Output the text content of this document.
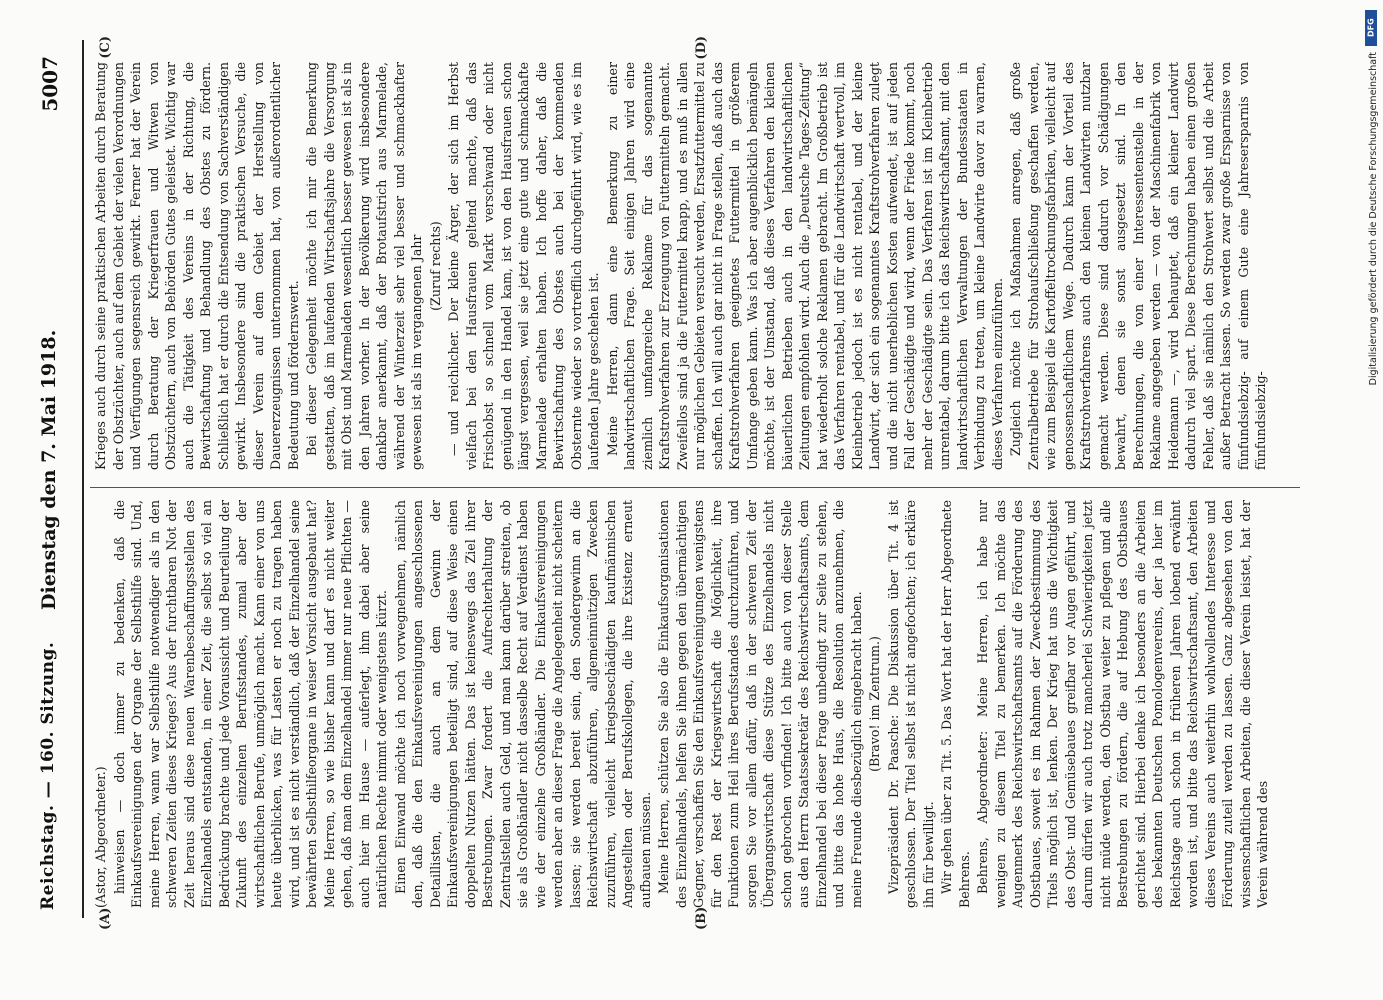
Reichstag. — 160. Sitzung.
Dienstag den 7. Mai 1918.
5007
(A)	(B)
(C)	(D)

(Astor, Abgeordneter.) hinweisen — doch immer zu bedenken, daß die Einkaufsvereinigungen der Organe der Selbsthilfe sind. Und, meine Herren, wann war Selbsthilfe notwendiger als in den schweren Zeiten dieses Krieges? Aus der furchtbaren Not der Zeit heraus sind diese neuen Warenbeschaffungsstellen des Einzelhandels entstanden, in einer Zeit, die selbst so viel an Bedrückung brachte und jede Voraussicht und Beurteilung der Zukunft des einzelnen Berufsstandes, zumal aber der wirtschaftlichen Berufe, unmöglich macht. Kann einer von uns heute überblicken, was für Lasten er noch zu tragen haben wird, und ist es nicht verständlich, daß der Einzelhandel seine bewährten Selbsthilfeorgane in weiser Vorsicht ausgebaut hat? Meine Herren, so wie bisher kann und darf es nicht weiter gehen, daß man dem Einzelhandel immer nur neue Pflichten — auch hier im Hause — auferlegt, ihm dabei aber seine natürlichen Rechte nimmt oder wenigstens kürzt. Einen Einwand möchte ich noch vorwegnehmen, nämlich den, daß die den Einkaufsvereinigungen angeschlossenen Detaillisten, die auch an dem Gewinn der Einkaufsvereinigungen beteiligt sind, auf diese Weise einen doppelten Nutzen hätten. Das ist keineswegs das Ziel ihrer Bestrebungen. Zwar fordert die Aufrechterhaltung der Zentralstellen auch Geld, und man kann darüber streiten, ob sie als Großhändler nicht dasselbe Recht auf Verdienst haben wie der einzelne Großhändler. Die Einkaufsvereinigungen werden aber an dieser Frage die Angelegenheit nicht scheitern lassen; sie werden bereit sein, den Sondergewinn an die Reichswirtschaft abzuführen, allgemeinnützigen Zwecken zuzuführen, vielleicht kriegsbeschädigten kaufmännischen Angestellten oder Berufskollegen, die ihre Existenz erneut aufbauen müssen. Meine Herren, schützen Sie also die Einkaufsorganisationen des Einzelhandels, helfen Sie ihnen gegen den übermächtigen Gegner, verschaffen Sie den Einkaufsvereinigungen wenigstens für den Rest der Kriegswirtschaft die Möglichkeit, ihre Funktionen zum Heil ihres Berufsstandes durchzuführen, und sorgen Sie vor allem dafür, daß in der schweren Zeit der Übergangswirtschaft diese Stütze des Einzelhandels nicht schon gebrochen vorfinden! Ich bitte auch von dieser Stelle aus den Herrn Staatssekretär des Reichswirtschaftsamts, dem Einzelhandel bei dieser Frage unbedingt zur Seite zu stehen, und bitte das hohe Haus, die Resolution anzunehmen, die meine Freunde diesbezüglich eingebracht haben. (Bravo! im Zentrum.) Vizepräsident Dr. Paasche: Die Diskussion über Tit. 4 ist geschlossen. Der Titel selbst ist nicht angefochten; ich erkläre ihn für bewilligt. Wir gehen über zu Tit. 5. Das Wort hat der Herr Abgeordnete Behrens. Behrens, Abgeordneter: Meine Herren, ich habe nur wenigen zu diesem Titel zu bemerken. Ich möchte das Augenmerk des Reichswirtschaftsamts auf die Förderung des Obstbaues, soweit es im Rahmen der Zweckbestimmung des Titels möglich ist, lenken. Der Krieg hat uns die Wichtigkeit des Obst- und Gemüsebaues greifbar vor Augen geführt, und darum dürfen wir auch trotz mancherlei Schwierigkeiten jetzt nicht müde werden, den Obstbau weiter zu pflegen und alle Bestrebungen zu fördern, die auf Hebung des Obstbaues gerichtet sind. Hierbei denke ich besonders an die Arbeiten des bekannten Deutschen Pomologenvereins, der ja hier im Reichstage auch schon in früheren Jahren lobend erwähnt worden ist, und bitte das Reichswirtschaftsamt, den Arbeiten dieses Vereins auch weiterhin wohlwollendes Interesse und Förderung zuteil werden zu lassen. Ganz abgesehen von den wissenschaftlichen Arbeiten, die dieser Verein leistet, hat der Verein während des

Krieges auch durch seine praktischen Arbeiten durch Beratung der Obstzüchter, auch auf dem Gebiet der vielen Verordnungen und Verfügungen segensreich gewirkt. Ferner hat der Verein durch Beratung der Kriegerfrauen und Witwen von Obstzüchtern, auch von Behörden Gutes geleistet. Wichtig war auch die Tätigkeit des Vereins in der Richtung, die Bewirtschaftung und Behandlung des Obstes zu fördern. Schließlich hat er durch die Entsendung von Sachverständigen gewirkt. Insbesondere sind die praktischen Versuche, die dieser Verein auf dem Gebiet der Herstellung von Dauererzeugnissen unternommen hat, von außerordentlicher Bedeutung und fördernswert. Bei dieser Gelegenheit möchte ich mir die Bemerkung gestatten, daß im laufenden Wirtschaftsjahre die Versorgung mit Obst und Marmeladen wesentlich besser gewesen ist als in den Jahren vorher. In der Bevölkerung wird insbesondere dankbar anerkannt, daß der Brotaufstrich aus Marmelade, während der Winterzeit sehr viel besser und schmackhafter gewesen ist als im vergangenen Jahr (Zuruf rechts) — und reichlicher. Der kleine Ärger, der sich im Herbst vielfach bei den Hausfrauen geltend machte, daß das Frischobst so schnell vom Markt verschwand oder nicht genügend in den Handel kam, ist von den Hausfrauen schon längst vergessen, weil sie jetzt eine gute und schmackhafte Marmelade erhalten haben. Ich hoffe daher, daß die Bewirtschaftung des Obstes auch bei der kommenden Obsternte wieder so vortrefflich durchgeführt wird, wie es im laufenden Jahre geschehen ist. Meine Herren, dann eine Bemerkung zu einer landwirtschaftlichen Frage. Seit einigen Jahren wird eine ziemlich umfangreiche Reklame für das sogenannte Kraftstrohverfahren zur Erzeugung von Futtermitteln gemacht. Zweifellos sind ja die Futtermittel knapp, und es muß in allen nur möglichen Gebieten versucht werden, Ersatzfuttermittel zu schaffen. Ich will auch gar nicht in Frage stellen, daß auch das Kraftstrohverfahren geeignetes Futtermittel in größerem Umfange geben kann. Was ich aber augenblicklich bemängeln möchte, ist der Umstand, daß dieses Verfahren den kleinen bäuerlichen Betrieben auch in den landwirtschaftlichen Zeitungen empfohlen wird. Auch die „Deutsche Tages-Zeitung“ hat wiederholt solche Reklamen gebracht. Im Großbetrieb ist das Verfahren rentabel, und für die Landwirtschaft wertvoll, im Kleinbetrieb jedoch ist es nicht rentabel, und der kleine Landwirt, der sich ein sogenanntes Kraftstrohverfahren zulegt und die nicht unerheblichen Kosten aufwendet, ist auf jeden Fall der Geschädigte und wird, wenn der Friede kommt, noch mehr der Geschädigte sein. Das Verfahren ist im Kleinbetrieb unrentabel, darum bitte ich das Reichswirtschaftsamt, mit den landwirtschaftlichen Verwaltungen der Bundesstaaten in Verbindung zu treten, um kleine Landwirte davor zu warnen, dieses Verfahren einzuführen. Zugleich möchte ich Maßnahmen anregen, daß große Zentralbetriebe für Strohaufschließung geschaffen werden, wie zum Beispiel die Kartoffeltrocknungsfabriken, vielleicht auf genossenschaftlichem Wege. Dadurch kann der Vorteil des Kraftstrohverfahrens auch den kleinen Landwirten nutzbar gemacht werden. Diese sind dadurch vor Schädigungen bewahrt, denen sie sonst ausgesetzt sind. In den Berechnungen, die von einer Interessentenstelle in der Reklame angegeben werden — von der Maschinenfabrik von Heidemann —, wird behauptet, daß ein kleiner Landwirt dadurch viel spart. Diese Berechnungen haben einen großen Fehler, daß sie nämlich den Strohwert selbst und die Arbeit außer Betracht lassen. So werden zwar große Ersparnisse von fünfundsiebzig- auf einem Gute eine Jahresersparnis von fünfundsiebzig-

DFG
Digitalisierung gefördert durch die Deutsche Forschungsgemeinschaft
